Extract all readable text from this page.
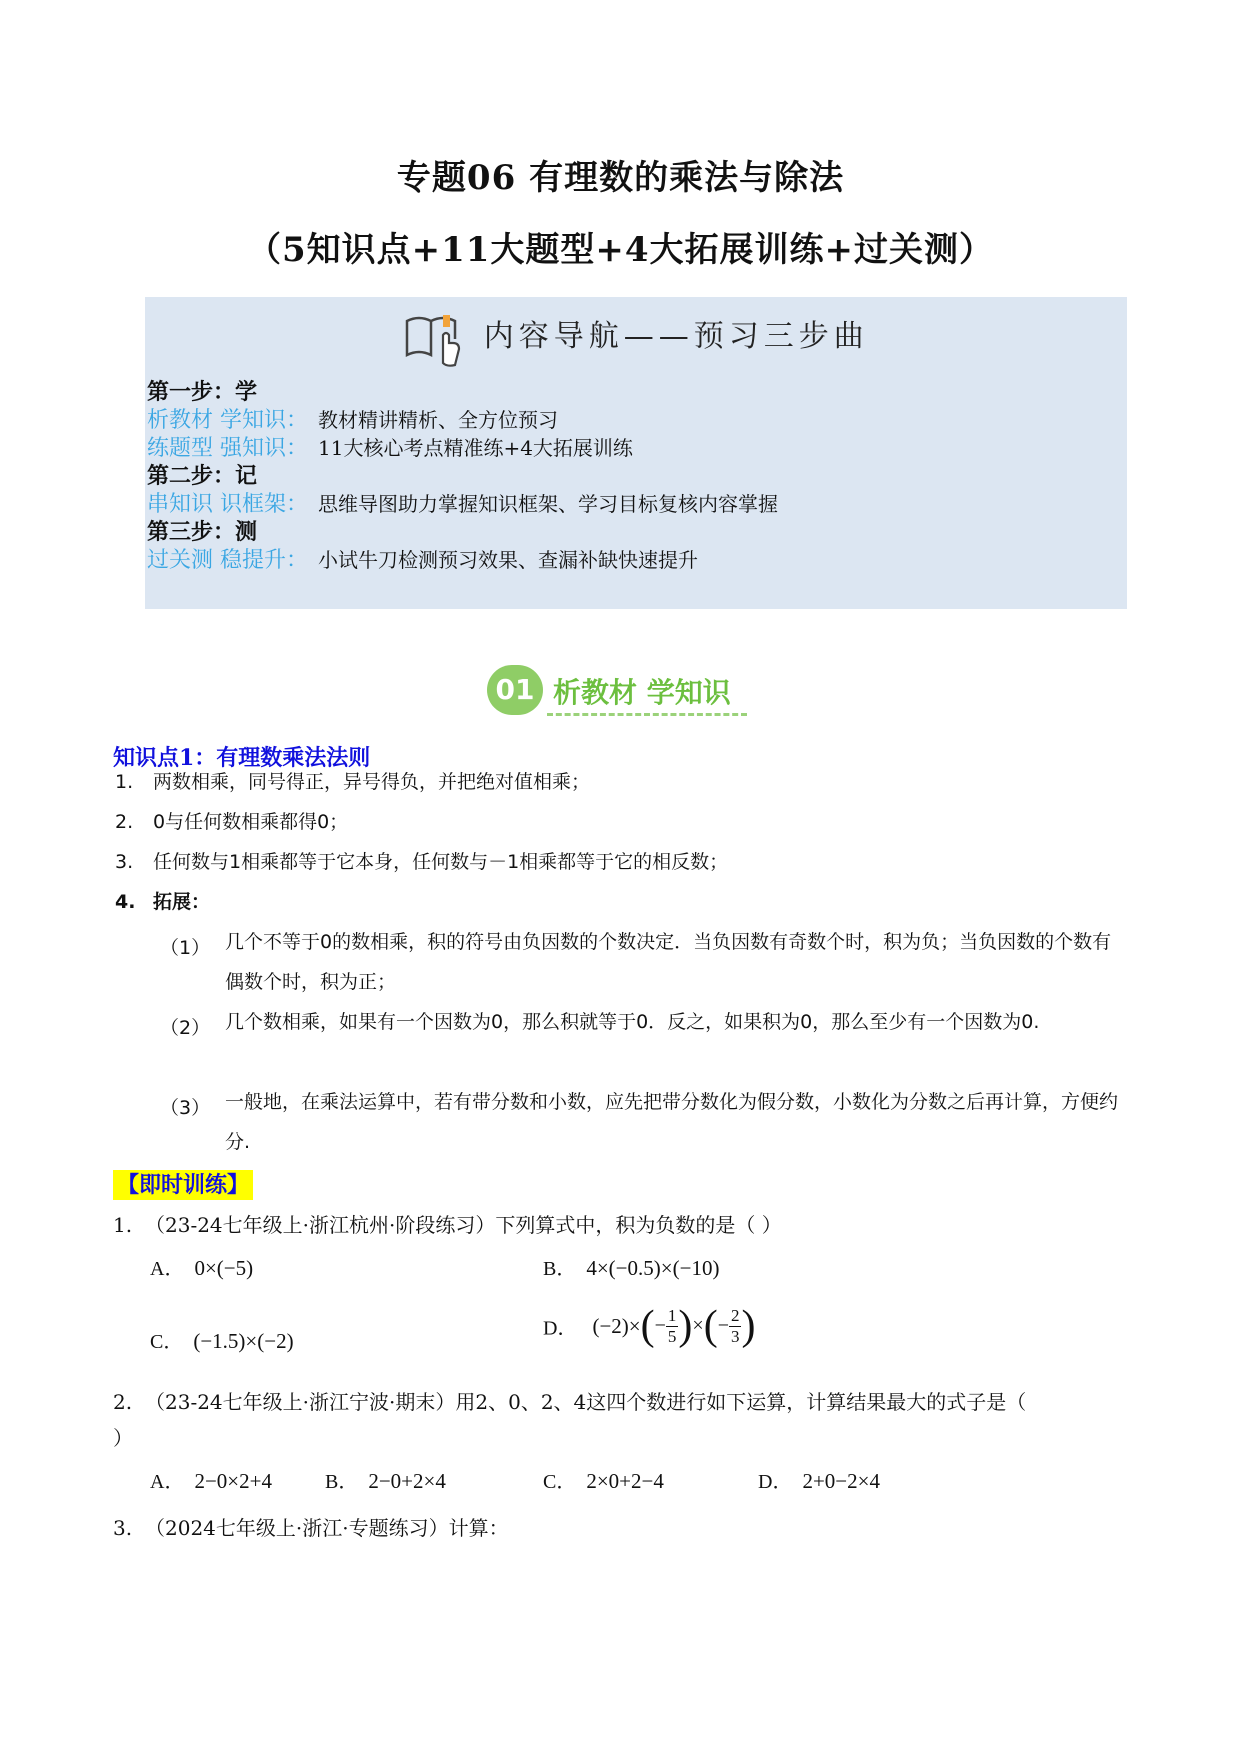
专题06 有理数的乘法与除法
（5知识点+11大题型+4大拓展训练+过关测）
内容导航——预习三步曲
第一步：学
析教材 学知识： 教材精讲精析、全方位预习
练题型 强知识： 11大核心考点精准练+4大拓展训练
第二步：记
串知识 识框架： 思维导图助力掌握知识框架、学习目标复核内容掌握
第三步：测
过关测 稳提升： 小试牛刀检测预习效果、查漏补缺快速提升
01 析教材 学知识
知识点1：有理数乘法法则
1. 两数相乘，同号得正，异号得负，并把绝对值相乘；
2. 0与任何数相乘都得0；
3. 任何数与1相乘都等于它本身，任何数与－1相乘都等于它的相反数；
4. 拓展：
（1） 几个不等于0的数相乘，积的符号由负因数的个数决定．当负因数有奇数个时，积为负；当负因数的个数有偶数个时，积为正；
（2） 几个数相乘，如果有一个因数为0，那么积就等于0．反之，如果积为0，那么至少有一个因数为0.
（3） 一般地，在乘法运算中，若有带分数和小数，应先把带分数化为假分数，小数化为分数之后再计算，方便约分.
【即时训练】
1. （23-24七年级上·浙江杭州·阶段练习）下列算式中，积为负数的是（ ）
A． 0×(−5)	B． 4×(−0.5)×(−10)
C． (−1.5)×(−2)
D． $(-2)\times(- \frac{1}{5}$ )×(− $\frac{2}{3}$ )
2. （23-24七年级上·浙江宁波·期末）用2、0、2、4这四个数进行如下运算，计算结果最大的式子是（
）
A． 2−0×2+4	B． 2−0+2×4	C． 2×0+2−4	D． 2+0−2×4
3. （2024七年级上·浙江·专题练习）计算：
